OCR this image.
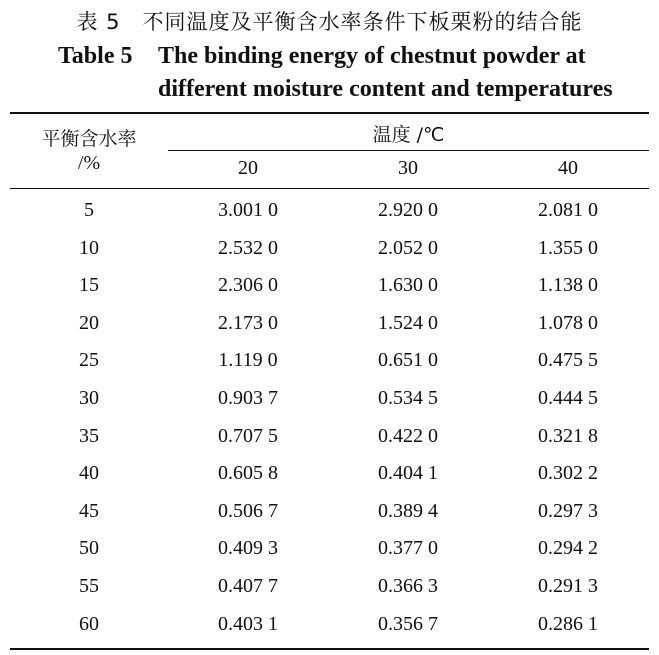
表 5　不同温度及平衡含水率条件下板栗粉的结合能
Table 5 The binding energy of chestnut powder at
different moisture content and temperatures
平衡含水率
/%
温度 /℃
20	30	40
5	3.001 0	2.920 0	2.081 0
10	2.532 0	2.052 0	1.355 0
15	2.306 0	1.630 0	1.138 0
20	2.173 0	1.524 0	1.078 0
25	1.119 0	0.651 0	0.475 5
30	0.903 7	0.534 5	0.444 5
35	0.707 5	0.422 0	0.321 8
40	0.605 8	0.404 1	0.302 2
45	0.506 7	0.389 4	0.297 3
50	0.409 3	0.377 0	0.294 2
55	0.407 7	0.366 3	0.291 3
60	0.403 1	0.356 7	0.286 1
